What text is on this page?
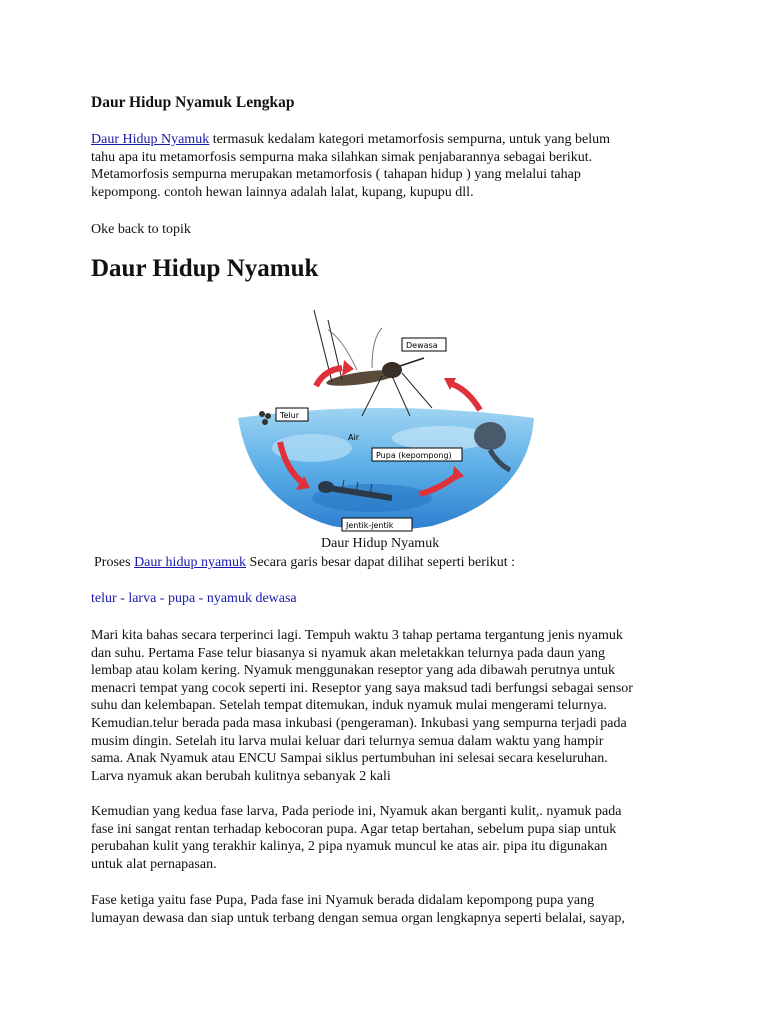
Daur Hidup Nyamuk Lengkap

Daur Hidup Nyamuk termasuk kedalam kategori metamorfosis sempurna, untuk yang belum

tahu apa itu metamorfosis sempurna maka silahkan simak penjabarannya sebagai berikut.

Metamorfosis sempurna merupakan metamorfosis ( tahapan hidup ) yang melalui tahap

kepompong. contoh hewan lainnya adalah lalat, kupang, kupupu dll.

Oke back to topik

Daur Hidup Nyamuk
Dewasa
Telur
Air
Pupa (kepompong)
Jentik-jentik

Daur Hidup Nyamuk

Proses Daur hidup nyamuk Secara garis besar dapat dilihat seperti berikut :

telur - larva - pupa - nyamuk dewasa

Mari kita bahas secara terperinci lagi. Tempuh waktu 3 tahap pertama tergantung jenis nyamuk

dan suhu. Pertama Fase telur biasanya si nyamuk akan meletakkan telurnya pada daun yang

lembap atau kolam kering. Nyamuk menggunakan reseptor yang ada dibawah perutnya untuk

menacri tempat yang cocok seperti ini. Reseptor yang saya maksud tadi berfungsi sebagai sensor

suhu dan kelembapan. Setelah tempat ditemukan, induk nyamuk mulai mengerami telurnya.

Kemudian.telur berada pada masa inkubasi (pengeraman). Inkubasi yang sempurna terjadi pada

musim dingin. Setelah itu larva mulai keluar dari telurnya semua dalam waktu yang hampir

sama. Anak Nyamuk atau ENCU Sampai siklus pertumbuhan ini selesai secara keseluruhan.

Larva nyamuk akan berubah kulitnya sebanyak 2 kali

Kemudian yang kedua fase larva, Pada periode ini, Nyamuk akan berganti kulit,. nyamuk pada

fase ini sangat rentan terhadap kebocoran pupa. Agar tetap bertahan, sebelum pupa siap untuk

perubahan kulit yang terakhir kalinya, 2 pipa nyamuk muncul ke atas air. pipa itu digunakan

untuk alat pernapasan.

Fase ketiga yaitu fase Pupa, Pada fase ini Nyamuk berada didalam kepompong pupa yang

lumayan dewasa dan siap untuk terbang dengan semua organ lengkapnya seperti belalai, sayap,
